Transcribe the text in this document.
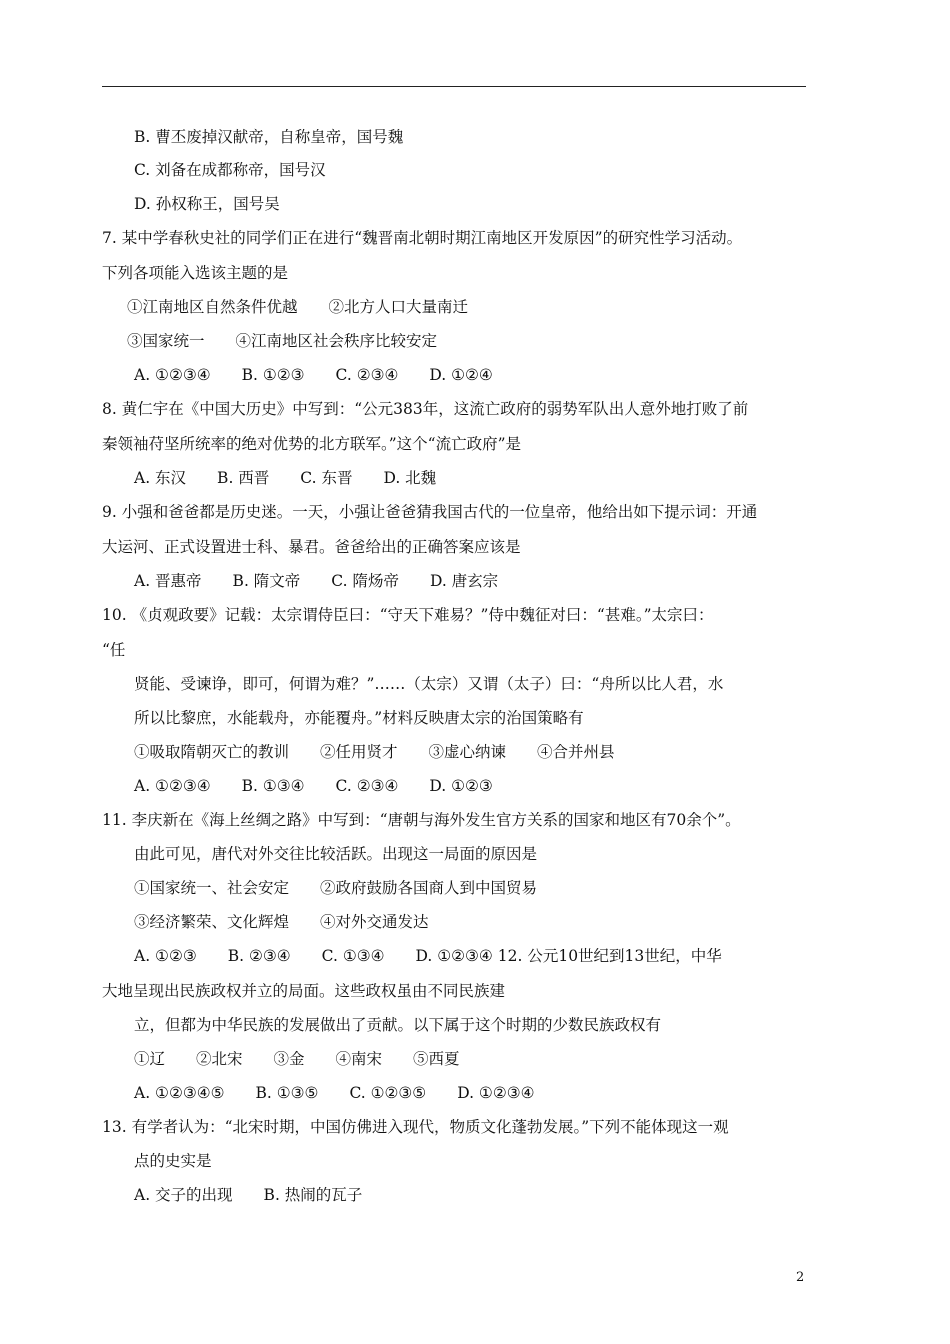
B. 曹丕废掉汉献帝，自称皇帝，国号魏
C. 刘备在成都称帝，国号汉
D. 孙权称王，国号吴
7. 某中学春秋史社的同学们正在进行“魏晋南北朝时期江南地区开发原因”的研究性学习活动。
下列各项能入选该主题的是
①江南地区自然条件优越　　②北方人口大量南迁
③国家统一　　④江南地区社会秩序比较安定
A. ①②③④　　B. ①②③　　C. ②③④　　D. ①②④
8. 黄仁宇在《中国大历史》中写到：“公元383年，这流亡政府的弱势军队出人意外地打败了前
秦领袖苻坚所统率的绝对优势的北方联军。”这个“流亡政府”是
A. 东汉　　B. 西晋　　C. 东晋　　D. 北魏
9. 小强和爸爸都是历史迷。一天，小强让爸爸猜我国古代的一位皇帝，他给出如下提示词：开通
大运河、正式设置进士科、暴君。爸爸给出的正确答案应该是
A. 晋惠帝　　B. 隋文帝　　C. 隋炀帝　　D. 唐玄宗
10. 《贞观政要》记载：太宗谓侍臣曰：“守天下难易？”侍中魏征对曰：“甚难。”太宗曰：
“任
贤能、受谏诤，即可，何谓为难？”……（太宗）又谓（太子）曰：“舟所以比人君，水
所以比黎庶，水能载舟，亦能覆舟。”材料反映唐太宗的治国策略有
①吸取隋朝灭亡的教训　　②任用贤才　　③虚心纳谏　　④合并州县
A. ①②③④　　B. ①③④　　C. ②③④　　D. ①②③
11. 李庆新在《海上丝绸之路》中写到：“唐朝与海外发生官方关系的国家和地区有70余个”。
由此可见，唐代对外交往比较活跃。出现这一局面的原因是
①国家统一、社会安定　　②政府鼓励各国商人到中国贸易
③经济繁荣、文化辉煌　　④对外交通发达
A. ①②③　　B. ②③④　　C. ①③④　　D. ①②③④ 12. 公元10世纪到13世纪，中华
大地呈现出民族政权并立的局面。这些政权虽由不同民族建
立，但都为中华民族的发展做出了贡献。以下属于这个时期的少数民族政权有
①辽　　②北宋　　③金　　④南宋　　⑤西夏
A. ①②③④⑤　　B. ①③⑤　　C. ①②③⑤　　D. ①②③④
13. 有学者认为：“北宋时期，中国仿佛进入现代，物质文化蓬勃发展。”下列不能体现这一观
点的史实是
A. 交子的出现　　B. 热闹的瓦子
2
